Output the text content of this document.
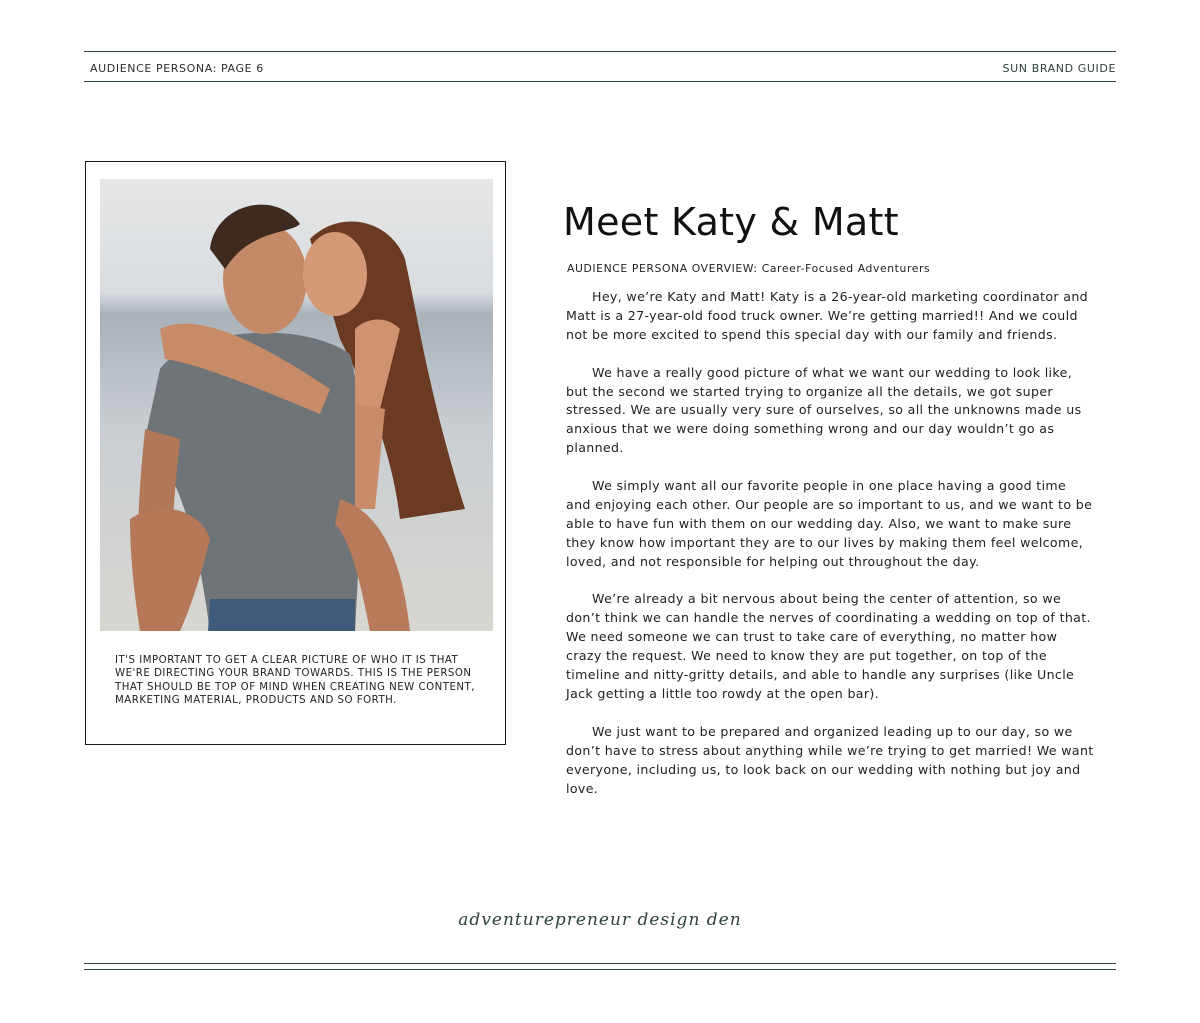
AUDIENCE PERSONA: PAGE 6	SUN BRAND GUIDE
IT'S IMPORTANT TO GET A CLEAR PICTURE OF WHO IT IS THAT WE'RE DIRECTING YOUR BRAND TOWARDS. THIS IS THE PERSON THAT SHOULD BE TOP OF MIND WHEN CREATING NEW CONTENT, MARKETING MATERIAL, PRODUCTS AND SO FORTH.
Meet Katy & Matt
AUDIENCE PERSONA OVERVIEW: Career-Focused Adventurers

Hey, we’re Katy and Matt! Katy is a 26-year-old marketing coordinator and Matt is a 27-year-old food truck owner. We’re getting married!! And we could not be more excited to spend this special day with our family and friends.

We have a really good picture of what we want our wedding to look like, but the second we started trying to organize all the details, we got super stressed. We are usually very sure of ourselves, so all the unknowns made us anxious that we were doing something wrong and our day wouldn’t go as planned.

We simply want all our favorite people in one place having a good time and enjoying each other. Our people are so important to us, and we want to be able to have fun with them on our wedding day. Also, we want to make sure they know how important they are to our lives by making them feel welcome, loved, and not responsible for helping out throughout the day.

We’re already a bit nervous about being the center of attention, so we don’t think we can handle the nerves of coordinating a wedding on top of that. We need someone we can trust to take care of everything, no matter how crazy the request. We need to know they are put together, on top of the timeline and nitty-gritty details, and able to handle any surprises (like Uncle Jack getting a little too rowdy at the open bar).

We just want to be prepared and organized leading up to our day, so we don’t have to stress about anything while we’re trying to get married! We want everyone, including us, to look back on our wedding with nothing but joy and love.

adventurepreneur design den
